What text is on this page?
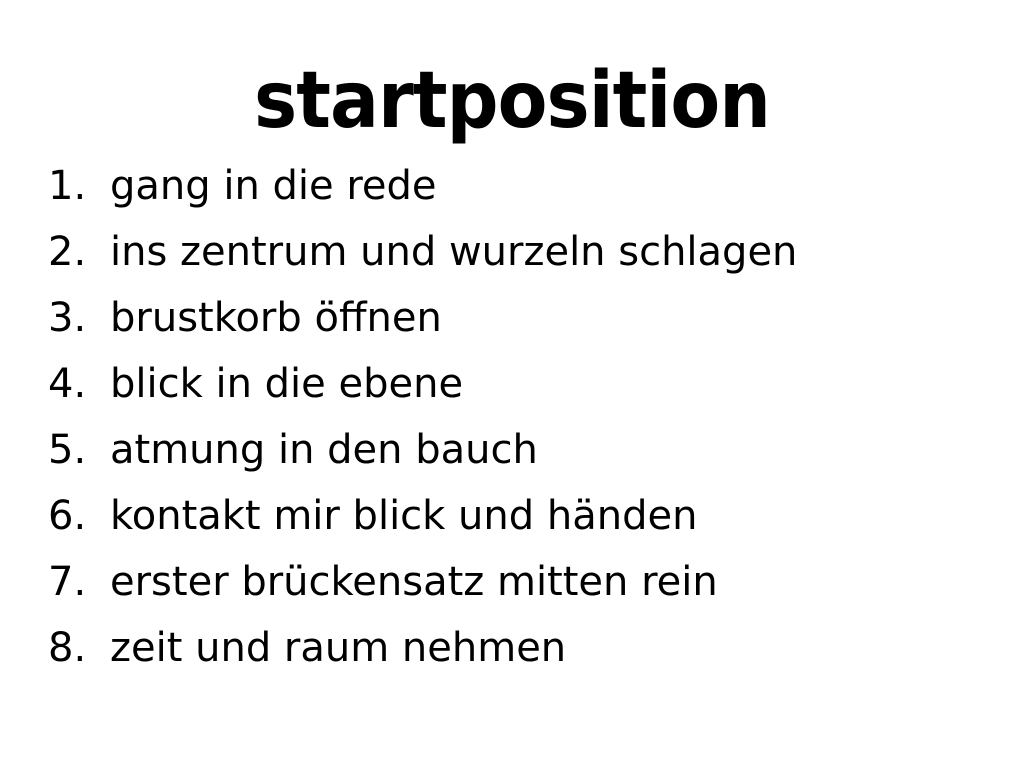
startposition
1. gang in die rede
2. ins zentrum und wurzeln schlagen
3. brustkorb öffnen
4. blick in die ebene
5. atmung in den bauch
6. kontakt mir blick und händen
7. erster brückensatz mitten rein
8. zeit und raum nehmen
